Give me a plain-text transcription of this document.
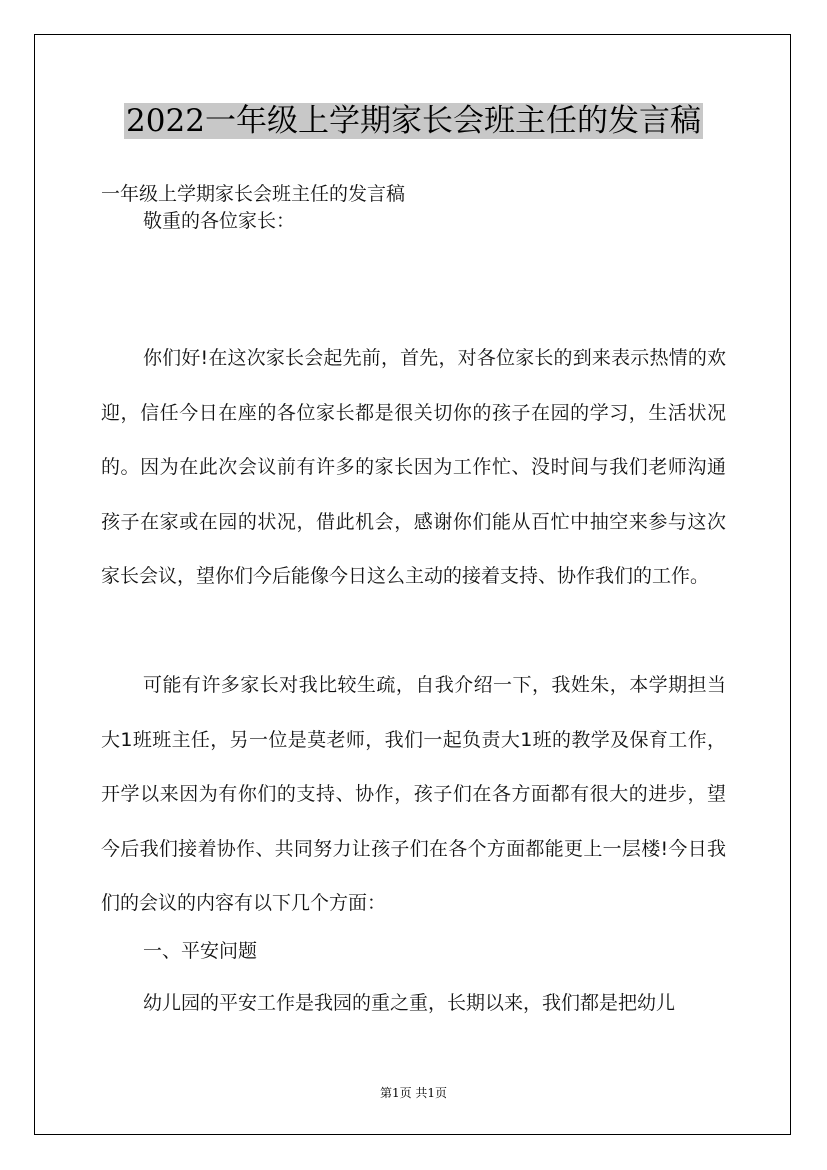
2022一年级上学期家长会班主任的发言稿
一年级上学期家长会班主任的发言稿
敬重的各位家长：
你们好!在这次家长会起先前，首先，对各位家长的到来表示热情的欢迎，信任今日在座的各位家长都是很关切你的孩子在园的学习，生活状况的。因为在此次会议前有许多的家长因为工作忙、没时间与我们老师沟通孩子在家或在园的状况，借此机会，感谢你们能从百忙中抽空来参与这次家长会议，望你们今后能像今日这么主动的接着支持、协作我们的工作。
可能有许多家长对我比较生疏，自我介绍一下，我姓朱，本学期担当大1班班主任，另一位是莫老师，我们一起负责大1班的教学及保育工作，开学以来因为有你们的支持、协作，孩子们在各方面都有很大的进步，望今后我们接着协作、共同努力让孩子们在各个方面都能更上一层楼!今日我们的会议的内容有以下几个方面：
一、平安问题
幼儿园的平安工作是我园的重之重，长期以来，我们都是把幼儿
第1页 共1页
